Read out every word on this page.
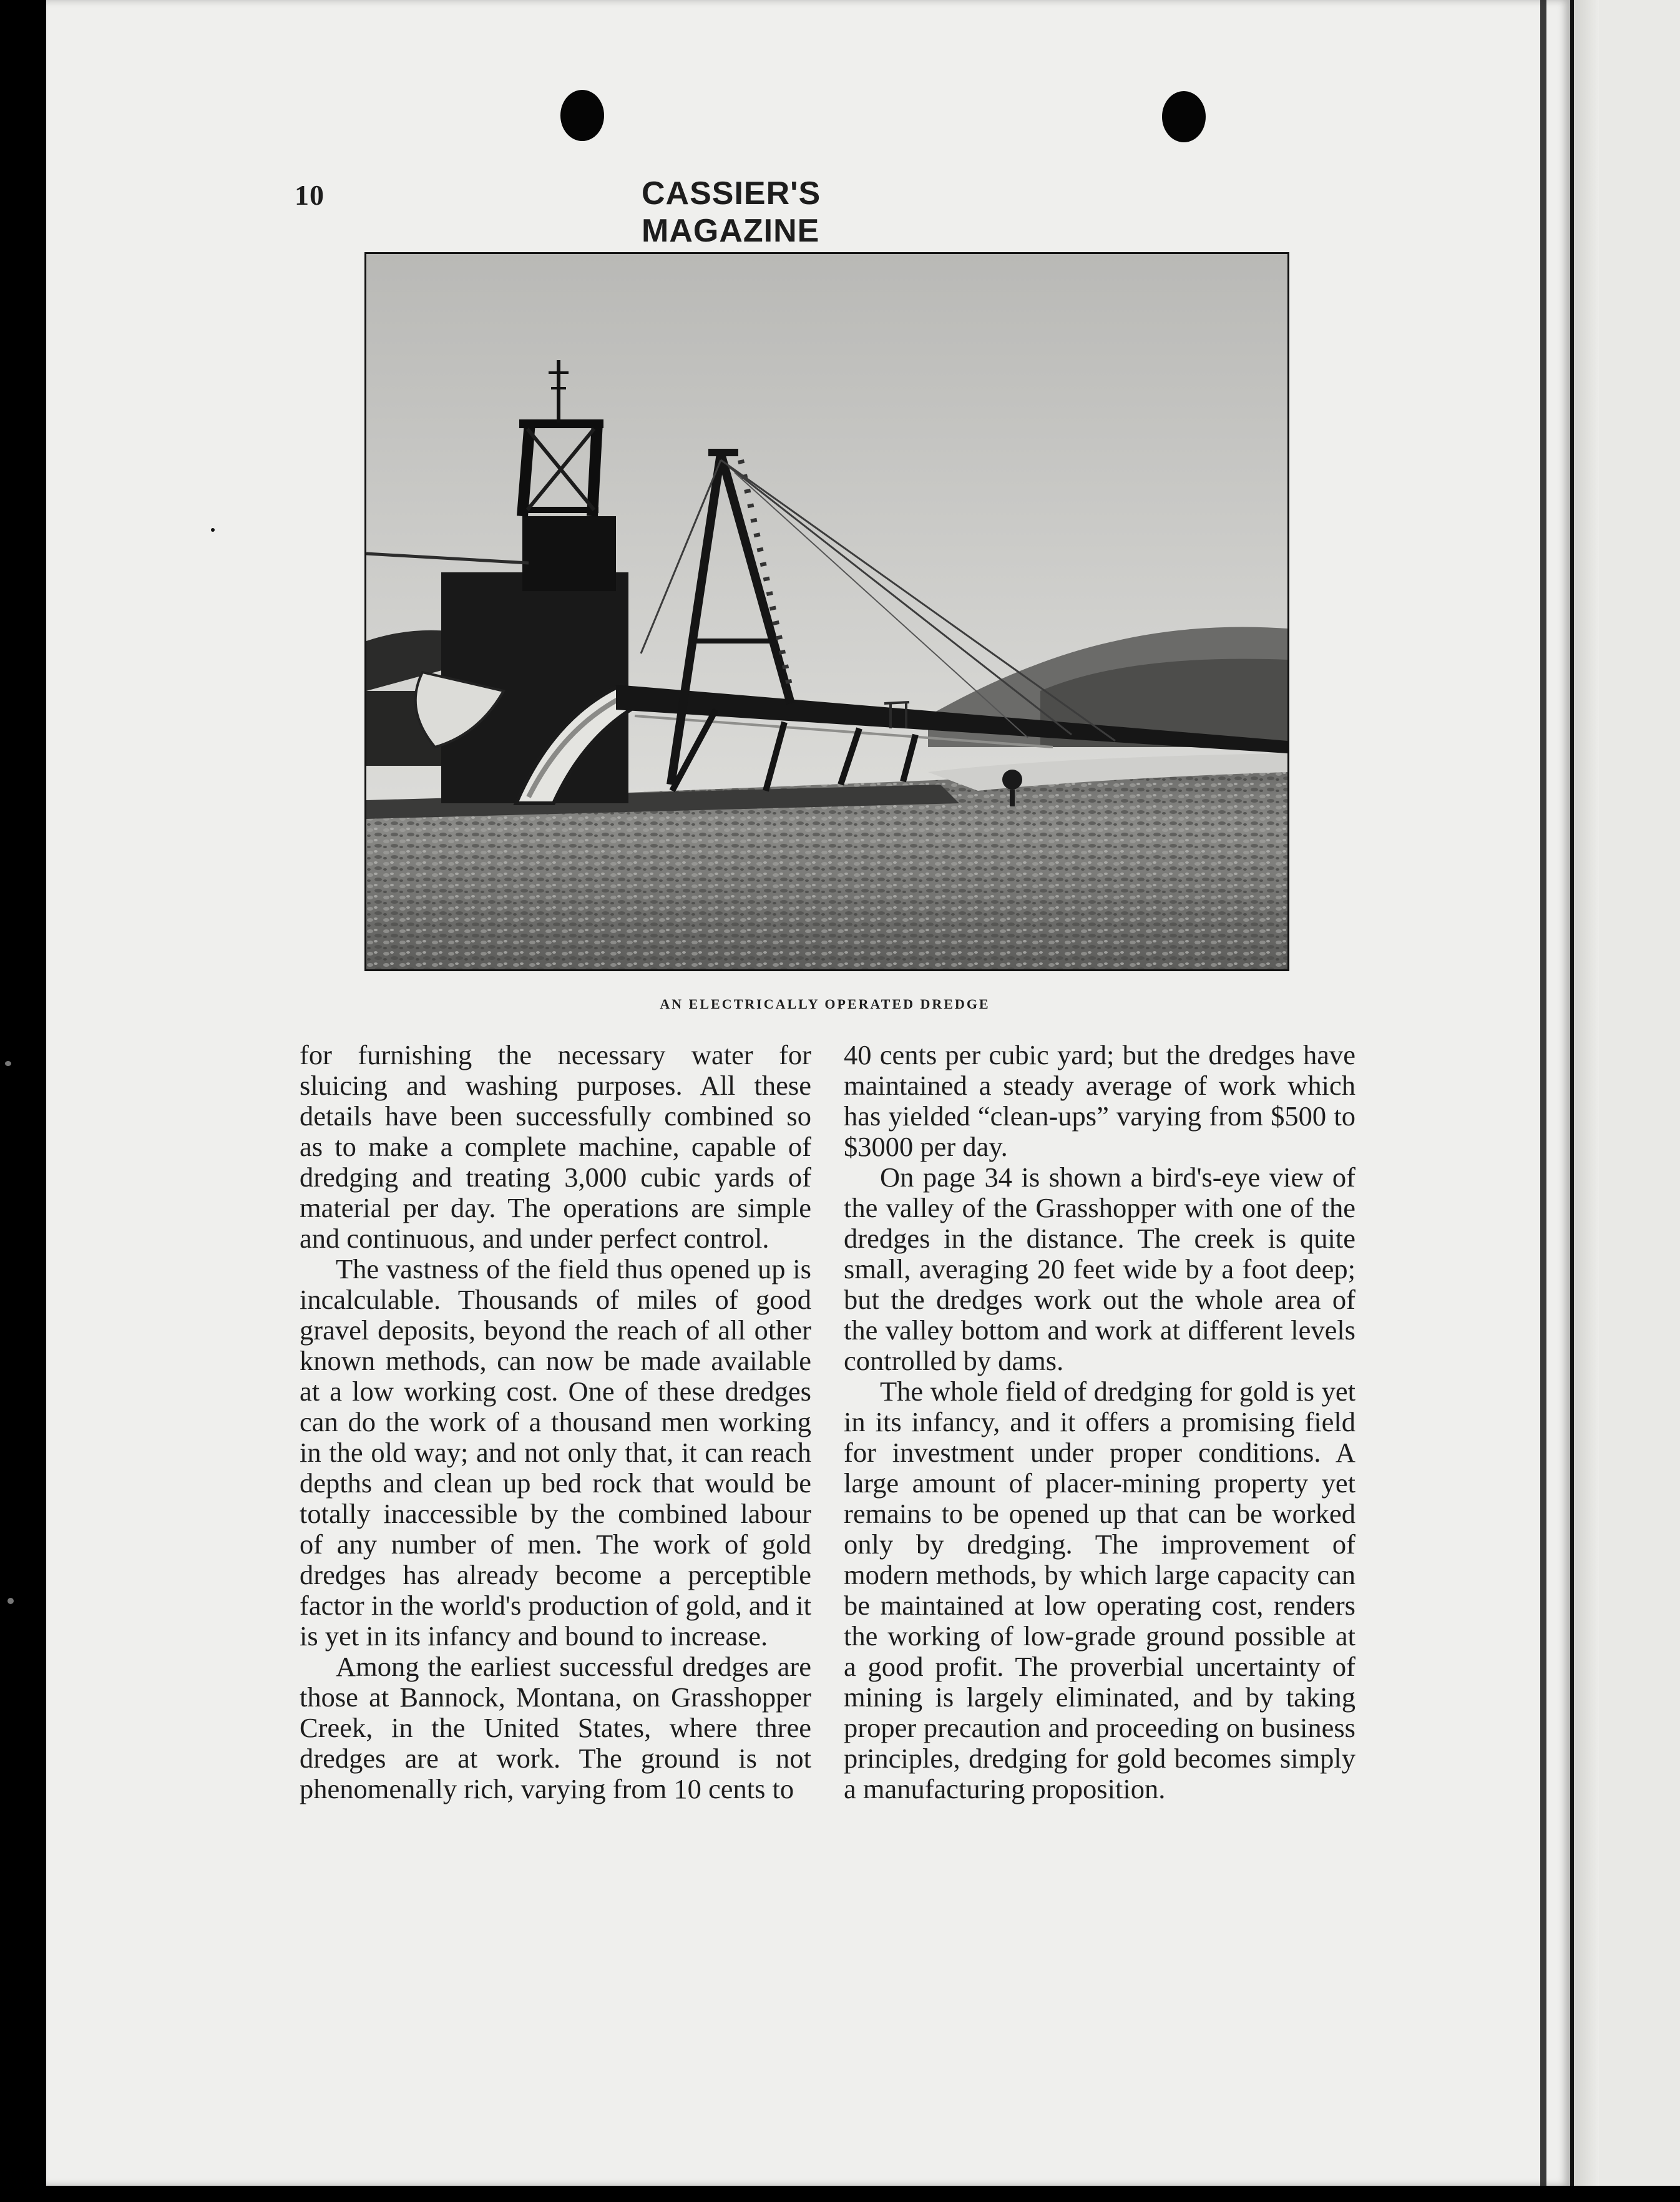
10	CASSIER'S MAGAZINE
AN ELECTRICALLY OPERATED DREDGE

for furnishing the necessary water for sluicing and washing purposes. All these details have been successfully combined so as to make a complete machine, capable of dredging and treating 3,000 cubic yards of material per day. The operations are simple and continuous, and under perfect control.

The vastness of the field thus opened up is incalculable. Thousands of miles of good gravel deposits, beyond the reach of all other known methods, can now be made available at a low working cost. One of these dredges can do the work of a thousand men working in the old way; and not only that, it can reach depths and clean up bed rock that would be totally inaccessible by the combined labour of any number of men. The work of gold dredges has already become a perceptible factor in the world's production of gold, and it is yet in its infancy and bound to increase.

Among the earliest successful dredges are those at Bannock, Montana, on Grasshopper Creek, in the United States, where three dredges are at work. The ground is not phenomenally rich, varying from 10 cents to

40 cents per cubic yard; but the dredges have maintained a steady average of work which has yielded “clean-ups” varying from $500 to $3000 per day.

On page 34 is shown a bird's-eye view of the valley of the Grasshopper with one of the dredges in the distance. The creek is quite small, averaging 20 feet wide by a foot deep; but the dredges work out the whole area of the valley bottom and work at different levels controlled by dams.

The whole field of dredging for gold is yet in its infancy, and it offers a promising field for investment under proper conditions. A large amount of placer-mining property yet remains to be opened up that can be worked only by dredging. The improvement of modern methods, by which large capacity can be maintained at low operating cost, renders the working of low-grade ground possible at a good profit. The proverbial uncertainty of mining is largely eliminated, and by taking proper precaution and proceeding on business principles, dredging for gold becomes simply a manufacturing proposition.
